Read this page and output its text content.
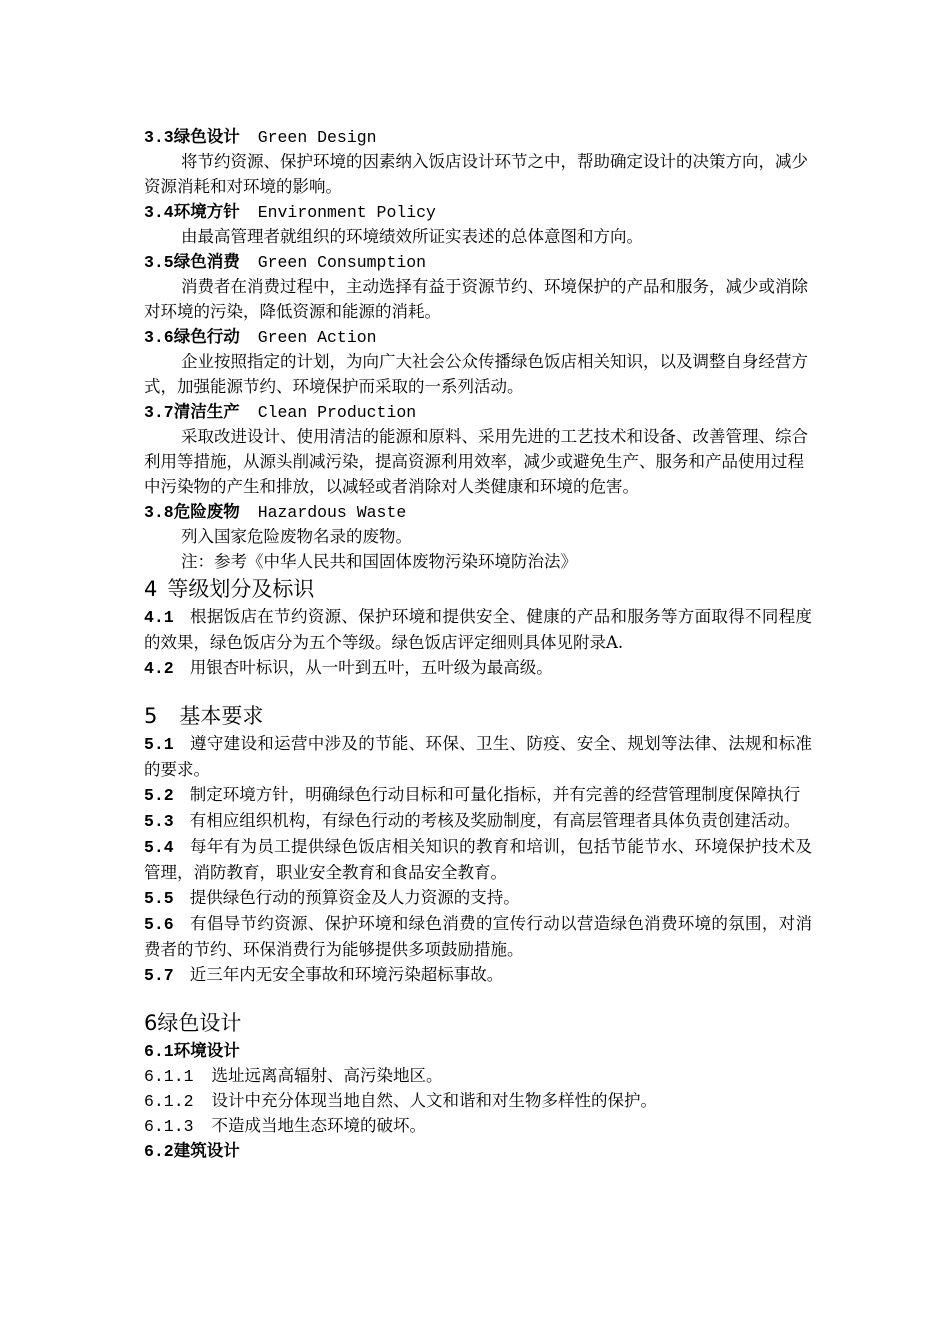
3.3绿色设计 Green Design
将节约资源、保护环境的因素纳入饭店设计环节之中，帮助确定设计的决策方向，减少资源消耗和对环境的影响。
3.4环境方针 Environment Policy
由最高管理者就组织的环境绩效所证实表述的总体意图和方向。
3.5绿色消费 Green Consumption
消费者在消费过程中，主动选择有益于资源节约、环境保护的产品和服务，减少或消除对环境的污染，降低资源和能源的消耗。
3.6绿色行动 Green Action
企业按照指定的计划，为向广大社会公众传播绿色饭店相关知识，以及调整自身经营方式，加强能源节约、环境保护而采取的一系列活动。
3.7清洁生产 Clean Production
采取改进设计、使用清洁的能源和原料、采用先进的工艺技术和设备、改善管理、综合利用等措施，从源头削减污染，提高资源利用效率，减少或避免生产、服务和产品使用过程中污染物的产生和排放，以减轻或者消除对人类健康和环境的危害。
3.8危险废物 Hazardous Waste
列入国家危险废物名录的废物。
注：参考《中华人民共和国固体废物污染环境防治法》
4 等级划分及标识
4.1 根据饭店在节约资源、保护环境和提供安全、健康的产品和服务等方面取得不同程度的效果，绿色饭店分为五个等级。绿色饭店评定细则具体见附录A.
4.2 用银杏叶标识，从一叶到五叶，五叶级为最高级。
5 基本要求
5.1 遵守建设和运营中涉及的节能、环保、卫生、防疫、安全、规划等法律、法规和标准的要求。
5.2 制定环境方针，明确绿色行动目标和可量化指标，并有完善的经营管理制度保障执行
5.3 有相应组织机构，有绿色行动的考核及奖励制度，有高层管理者具体负责创建活动。
5.4 每年有为员工提供绿色饭店相关知识的教育和培训，包括节能节水、环境保护技术及管理，消防教育，职业安全教育和食品安全教育。
5.5 提供绿色行动的预算资金及人力资源的支持。
5.6 有倡导节约资源、保护环境和绿色消费的宣传行动以营造绿色消费环境的氛围，对消费者的节约、环保消费行为能够提供多项鼓励措施。
5.7 近三年内无安全事故和环境污染超标事故。
6绿色设计
6.1环境设计
6.1.1 选址远离高辐射、高污染地区。
6.1.2 设计中充分体现当地自然、人文和谐和对生物多样性的保护。
6.1.3 不造成当地生态环境的破坏。
6.2建筑设计
